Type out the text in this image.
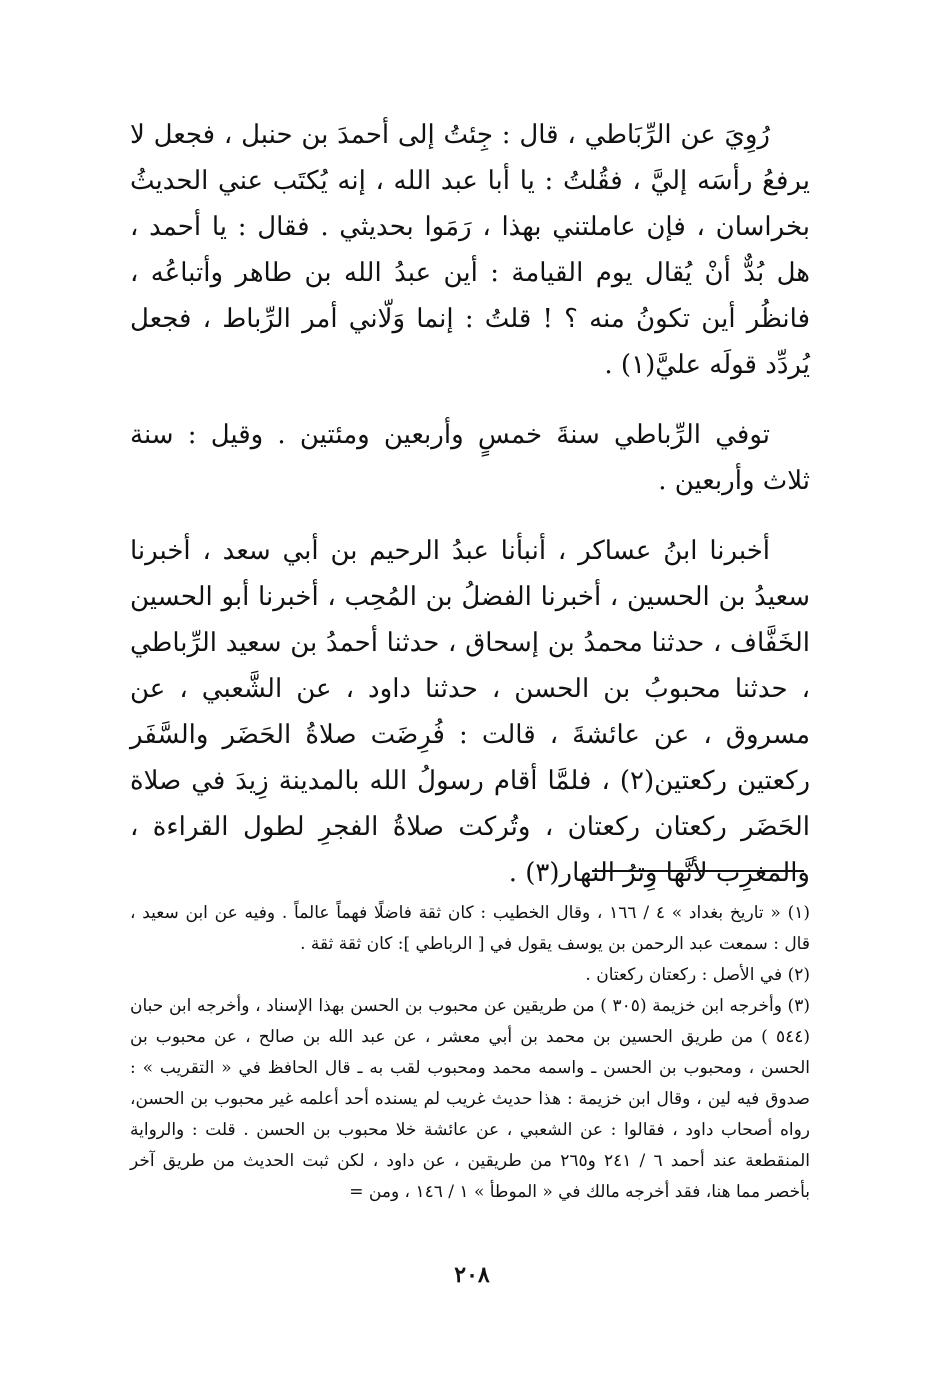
رُوِيَ عن الرِّبَاطي ، قال : جِئتُ إلى أحمدَ بن حنبل ، فجعل لا يرفعُ رأسَه إليَّ ، فقُلتُ : يا أبا عبد الله ، إنه يُكتَب عني الحديثُ بخراسان ، فإن عاملتني بهذا ، رَمَوا بحديثي . فقال : يا أحمد ، هل بُدٌّ أنْ يُقال يوم القيامة : أين عبدُ الله بن طاهر وأتباعُه ، فانظُر أين تكونُ منه ؟ ! قلتُ : إنما وَلّاني أمر الرِّباط ، فجعل يُردِّد قولَه عليَّ(١) .

توفي الرِّباطي سنةَ خمسٍ وأربعين ومئتين . وقيل : سنة ثلاث وأربعين .

أخبرنا ابنُ عساكر ، أنبأنا عبدُ الرحيم بن أبي سعد ، أخبرنا سعيدُ بن الحسين ، أخبرنا الفضلُ بن المُحِب ، أخبرنا أبو الحسين الخَفَّاف ، حدثنا محمدُ بن إسحاق ، حدثنا أحمدُ بن سعيد الرِّباطي ، حدثنا محبوبُ بن الحسن ، حدثنا داود ، عن الشَّعبي ، عن مسروق ، عن عائشةَ ، قالت : فُرِضَت صلاةُ الحَضَر والسَّفَر ركعتين ركعتين(٢) ، فلمَّا أقام رسولُ الله بالمدينة زِيدَ في صلاة الحَضَر ركعتان ركعتان ، وتُركت صلاةُ الفجرِ لطول القراءة ، والمغرِب لأنَّها وِترُ النهار(٣) .

(١) « تاريخ بغداد » ٤ / ١٦٦ ، وقال الخطيب : كان ثقة فاضلًا فهماً عالماً . وفيه عن ابن سعيد ، قال : سمعت عبد الرحمن بن يوسف يقول في [ الرباطي ]: كان ثقة ثقة .

(٢) في الأصل : ركعتان ركعتان .

(٣) وأخرجه ابن خزيمة (٣٠٥ ) من طريقين عن محبوب بن الحسن بهذا الإسناد ، وأخرجه ابن حبان (٥٤٤ ) من طريق الحسين بن محمد بن أبي معشر ، عن عبد الله بن صالح ، عن محبوب بن الحسن ، ومحبوب بن الحسن ـ واسمه محمد ومحبوب لقب به ـ قال الحافظ في « التقريب » : صدوق فيه لين ، وقال ابن خزيمة : هذا حديث غريب لم يسنده أحد أعلمه غير محبوب بن الحسن، رواه أصحاب داود ، فقالوا : عن الشعبي ، عن عائشة خلا محبوب بن الحسن . قلت : والرواية المنقطعة عند أحمد ٦ / ٢٤١ و٢٦٥ من طريقين ، عن داود ، لكن ثبت الحديث من طريق آخر بأخصر مما هنا، فقد أخرجه مالك في « الموطأ » ١ / ١٤٦ ، ومن =

٢٠٨
